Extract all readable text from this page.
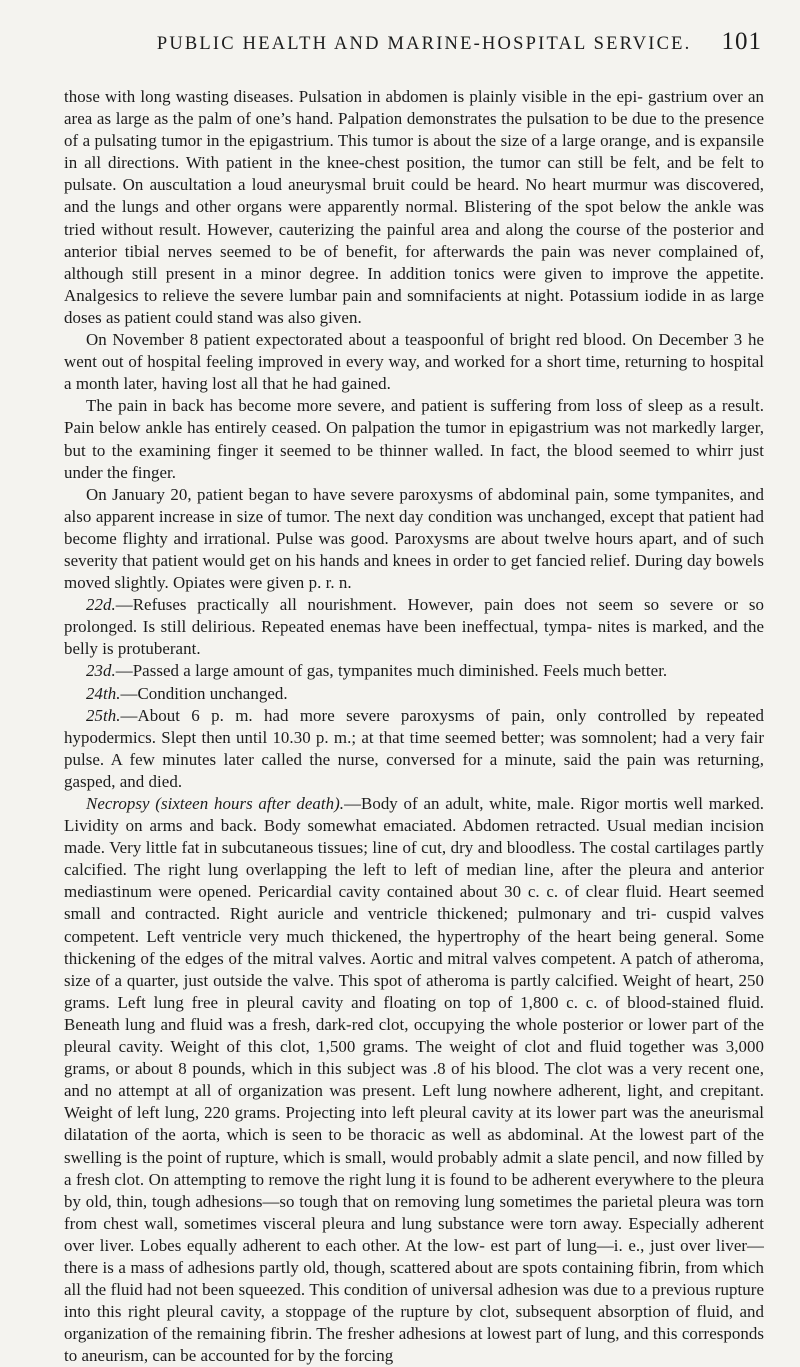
PUBLIC HEALTH AND MARINE-HOSPITAL SERVICE. 101

those with long wasting diseases. Pulsation in abdomen is plainly visible in the epi- gastrium over an area as large as the palm of one’s hand. Palpation demonstrates the pulsation to be due to the presence of a pulsating tumor in the epigastrium. This tumor is about the size of a large orange, and is expansile in all directions. With patient in the knee-chest position, the tumor can still be felt, and be felt to pulsate. On auscultation a loud aneurysmal bruit could be heard. No heart murmur was discovered, and the lungs and other organs were apparently normal. Blistering of the spot below the ankle was tried without result. However, cauterizing the painful area and along the course of the posterior and anterior tibial nerves seemed to be of benefit, for afterwards the pain was never complained of, although still present in a minor degree. In addition tonics were given to improve the appetite. Analgesics to relieve the severe lumbar pain and somnifacients at night. Potassium iodide in as large doses as patient could stand was also given.

On November 8 patient expectorated about a teaspoonful of bright red blood. On December 3 he went out of hospital feeling improved in every way, and worked for a short time, returning to hospital a month later, having lost all that he had gained.

The pain in back has become more severe, and patient is suffering from loss of sleep as a result. Pain below ankle has entirely ceased. On palpation the tumor in epigastrium was not markedly larger, but to the examining finger it seemed to be thinner walled. In fact, the blood seemed to whirr just under the finger.

On January 20, patient began to have severe paroxysms of abdominal pain, some tympanites, and also apparent increase in size of tumor. The next day condition was unchanged, except that patient had become flighty and irrational. Pulse was good. Paroxysms are about twelve hours apart, and of such severity that patient would get on his hands and knees in order to get fancied relief. During day bowels moved slightly. Opiates were given p. r. n.

22d.—Refuses practically all nourishment. However, pain does not seem so severe or so prolonged. Is still delirious. Repeated enemas have been ineffectual, tympa- nites is marked, and the belly is protuberant.

23d.—Passed a large amount of gas, tympanites much diminished. Feels much better.

24th.—Condition unchanged.

25th.—About 6 p. m. had more severe paroxysms of pain, only controlled by repeated hypodermics. Slept then until 10.30 p. m.; at that time seemed better; was somnolent; had a very fair pulse. A few minutes later called the nurse, conversed for a minute, said the pain was returning, gasped, and died.

Necropsy (sixteen hours after death).—Body of an adult, white, male. Rigor mortis well marked. Lividity on arms and back. Body somewhat emaciated. Abdomen retracted. Usual median incision made. Very little fat in subcutaneous tissues; line of cut, dry and bloodless. The costal cartilages partly calcified. The right lung overlapping the left to left of median line, after the pleura and anterior mediastinum were opened. Pericardial cavity contained about 30 c. c. of clear fluid. Heart seemed small and contracted. Right auricle and ventricle thickened; pulmonary and tri- cuspid valves competent. Left ventricle very much thickened, the hypertrophy of the heart being general. Some thickening of the edges of the mitral valves. Aortic and mitral valves competent. A patch of atheroma, size of a quarter, just outside the valve. This spot of atheroma is partly calcified. Weight of heart, 250 grams. Left lung free in pleural cavity and floating on top of 1,800 c. c. of blood-stained fluid. Beneath lung and fluid was a fresh, dark-red clot, occupying the whole posterior or lower part of the pleural cavity. Weight of this clot, 1,500 grams. The weight of clot and fluid together was 3,000 grams, or about 8 pounds, which in this subject was .8 of his blood. The clot was a very recent one, and no attempt at all of organization was present. Left lung nowhere adherent, light, and crepitant. Weight of left lung, 220 grams. Projecting into left pleural cavity at its lower part was the aneurismal dilatation of the aorta, which is seen to be thoracic as well as abdominal. At the lowest part of the swelling is the point of rupture, which is small, would probably admit a slate pencil, and now filled by a fresh clot. On attempting to remove the right lung it is found to be adherent everywhere to the pleura by old, thin, tough adhesions—so tough that on removing lung sometimes the parietal pleura was torn from chest wall, sometimes visceral pleura and lung substance were torn away. Especially adherent over liver. Lobes equally adherent to each other. At the low- est part of lung—i. e., just over liver—there is a mass of adhesions partly old, though, scattered about are spots containing fibrin, from which all the fluid had not been squeezed. This condition of universal adhesion was due to a previous rupture into this right pleural cavity, a stoppage of the rupture by clot, subsequent absorption of fluid, and organization of the remaining fibrin. The fresher adhesions at lowest part of lung, and this corresponds to aneurism, can be accounted for by the forcing
